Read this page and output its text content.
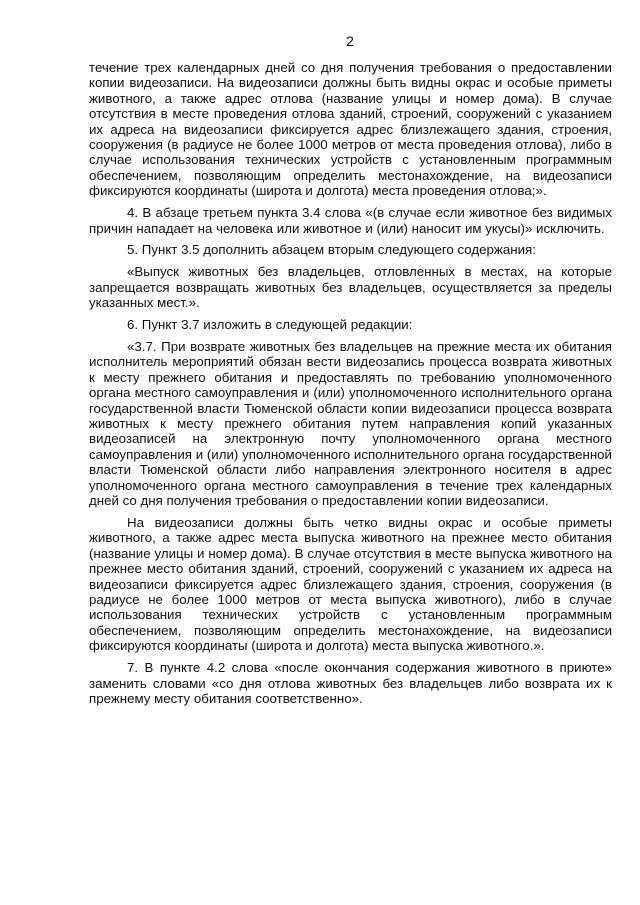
2

течение трех календарных дней со дня получения требования о предоставлении копии видеозаписи. На видеозаписи должны быть видны окрас и особые приметы животного, а также адрес отлова (название улицы и номер дома). В случае отсутствия в месте проведения отлова зданий, строений, сооружений с указанием их адреса на видеозаписи фиксируется адрес близлежащего здания, строения, сооружения (в радиусе не более 1000 метров от места проведения отлова), либо в случае использования технических устройств с установленным программным обеспечением, позволяющим определить местонахождение, на видеозаписи фиксируются координаты (широта и долгота) места проведения отлова;».

4. В абзаце третьем пункта 3.4 слова «(в случае если животное без видимых причин нападает на человека или животное и (или) наносит им укусы)» исключить.

5. Пункт 3.5 дополнить абзацем вторым следующего содержания:

«Выпуск животных без владельцев, отловленных в местах, на которые запрещается возвращать животных без владельцев, осуществляется за пределы указанных мест.».

6. Пункт 3.7 изложить в следующей редакции:

«3.7. При возврате животных без владельцев на прежние места их обитания исполнитель мероприятий обязан вести видеозапись процесса возврата животных к месту прежнего обитания и предоставлять по требованию уполномоченного органа местного самоуправления и (или) уполномоченного исполнительного органа государственной власти Тюменской области копии видеозаписи процесса возврата животных к месту прежнего обитания путем направления копий указанных видеозаписей на электронную почту уполномоченного органа местного самоуправления и (или) уполномоченного исполнительного органа государственной власти Тюменской области либо направления электронного носителя в адрес уполномоченного органа местного самоуправления в течение трех календарных дней со дня получения требования о предоставлении копии видеозаписи.

На видеозаписи должны быть четко видны окрас и особые приметы животного, а также адрес места выпуска животного на прежнее место обитания (название улицы и номер дома). В случае отсутствия в месте выпуска животного на прежнее место обитания зданий, строений, сооружений с указанием их адреса на видеозаписи фиксируется адрес близлежащего здания, строения, сооружения (в радиусе не более 1000 метров от места выпуска животного), либо в случае использования технических устройств с установленным программным обеспечением, позволяющим определить местонахождение, на видеозаписи фиксируются координаты (широта и долгота) места выпуска животного.».

7. В пункте 4.2 слова «после окончания содержания животного в приюте» заменить словами «со дня отлова животных без владельцев либо возврата их к прежнему месту обитания соответственно».
